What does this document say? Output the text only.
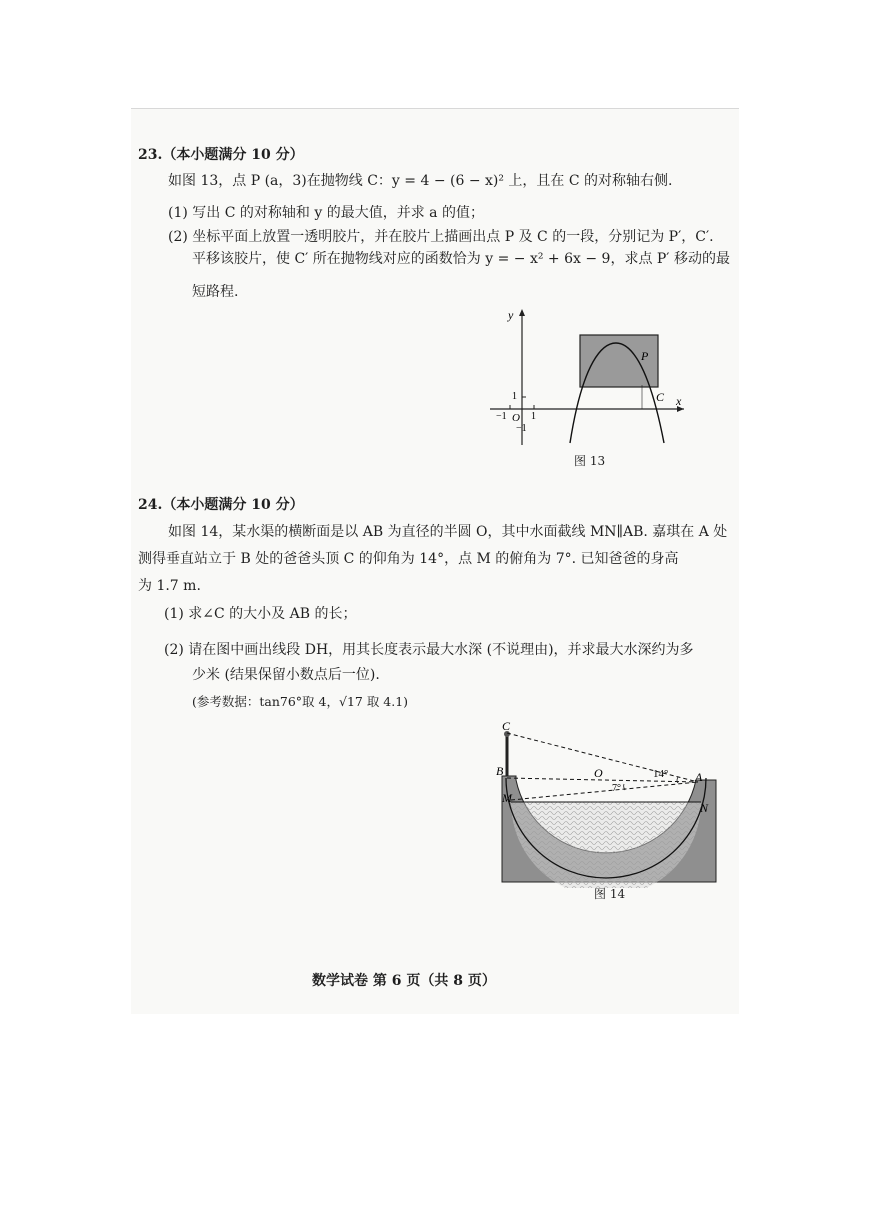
23.（本小题满分 10 分）
如图 13，点 P (a，3)在抛物线 C：y = 4 − (6 − x)² 上，且在 C 的对称轴右侧.
(1) 写出 C 的对称轴和 y 的最大值，并求 a 的值；
(2) 坐标平面上放置一透明胶片，并在胶片上描画出点 P 及 C 的一段，分别记为 P′，C′.
平移该胶片，使 C′ 所在抛物线对应的函数恰为 y = − x² + 6x − 9，求点 P′ 移动的最
短路程.
y
x
O
−1 1
1
−1
P
C
图 13
24.（本小题满分 10 分）
如图 14，某水渠的横断面是以 AB 为直径的半圆 O，其中水面截线 MN∥AB. 嘉琪在 A 处
测得垂直站立于 B 处的爸爸头顶 C 的仰角为 14°，点 M 的俯角为 7°. 已知爸爸的身高
为 1.7 m.
(1) 求∠C 的大小及 AB 的长；
(2) 请在图中画出线段 DH，用其长度表示最大水深 (不说理由)，并求最大水深约为多
少米 (结果保留小数点后一位).
(参考数据：tan76°取 4，√17 取 4.1)
C
B	O	A
M
N
14°
7°
图 14
数学试卷 第 6 页（共 8 页）
